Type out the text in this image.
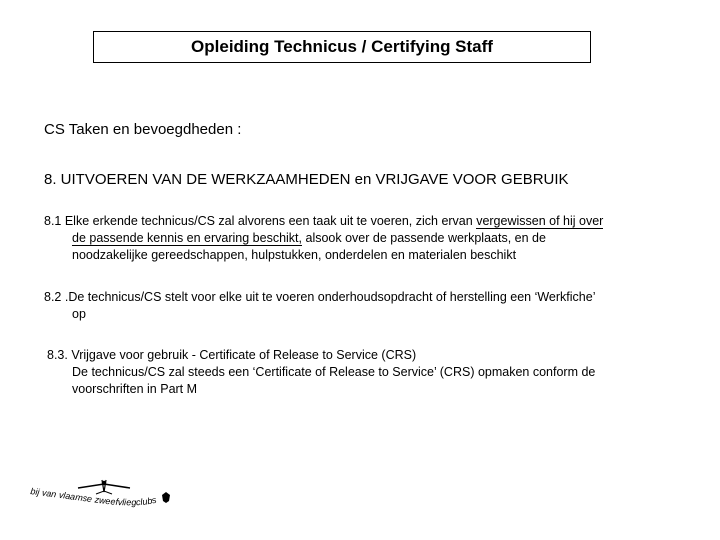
Opleiding Technicus / Certifying Staff
CS Taken en bevoegdheden :
8. UITVOEREN VAN DE WERKZAAMHEDEN en VRIJGAVE VOOR GEBRUIK
8.1 Elke erkende technicus/CS zal alvorens een taak uit te voeren, zich ervan vergewissen of hij over
de passende kennis en ervaring beschikt, alsook over de passende werkplaats, en de
noodzakelijke gereedschappen, hulpstukken, onderdelen en materialen beschikt
8.2 .De technicus/CS stelt voor elke uit te voeren onderhoudsopdracht of herstelling een ‘Werkfiche’
op
8.3. Vrijgave voor gebruik - Certificate of Release to Service (CRS)
De technicus/CS zal steeds een ‘Certificate of Release to Service’ (CRS) opmaken conform de
voorschriften in Part M
bij van vlaamse zweefvliegclubs
